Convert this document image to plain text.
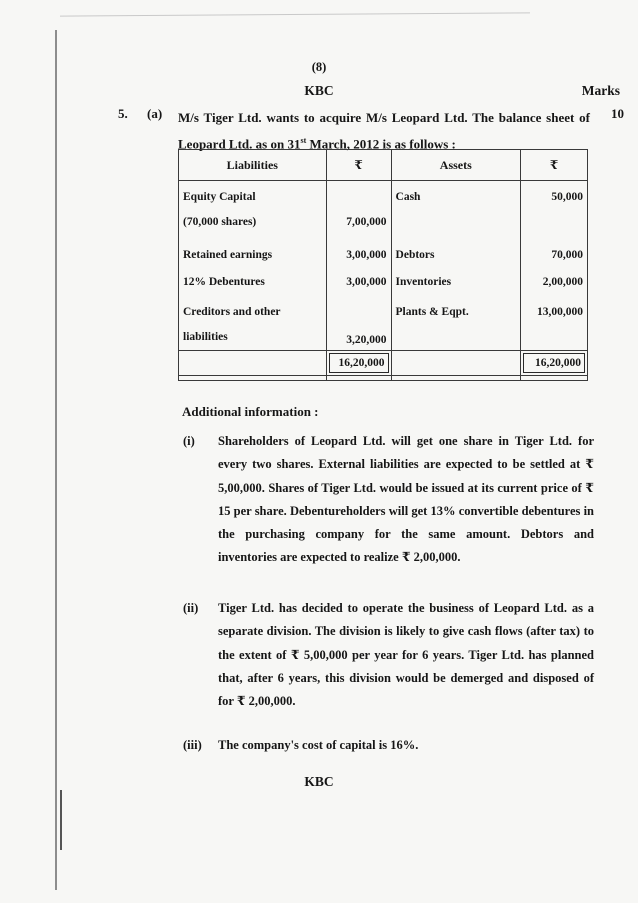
(8)
KBC	Marks
5. (a) M/s Tiger Ltd. wants to acquire M/s Leopard Ltd. The balance sheet of Leopard Ltd. as on 31st March, 2012 is as follows :
10
Liabilities	₹	Assets	₹

Equity Capital
(70,000 shares)	7,00,000	Cash	50,000

Retained earnings	3,00,000	Debtors	70,000

12% Debentures	3,00,000	Inventories	2,00,000

Creditors and other
liabilities	3,20,000	Plants & Eqpt.	13,00,000

	16,20,000		16,20,000

Additional information :
(i) Shareholders of Leopard Ltd. will get one share in Tiger Ltd. for every two shares. External liabilities are expected to be settled at ₹ 5,00,000. Shares of Tiger Ltd. would be issued at its current price of ₹ 15 per share. Debentureholders will get 13% convertible debentures in the purchasing company for the same amount. Debtors and inventories are expected to realize ₹ 2,00,000.
(ii) Tiger Ltd. has decided to operate the business of Leopard Ltd. as a separate division. The division is likely to give cash flows (after tax) to the extent of ₹ 5,00,000 per year for 6 years. Tiger Ltd. has planned that, after 6 years, this division would be demerged and disposed of for ₹ 2,00,000.
(iii) The company's cost of capital is 16%.
KBC
